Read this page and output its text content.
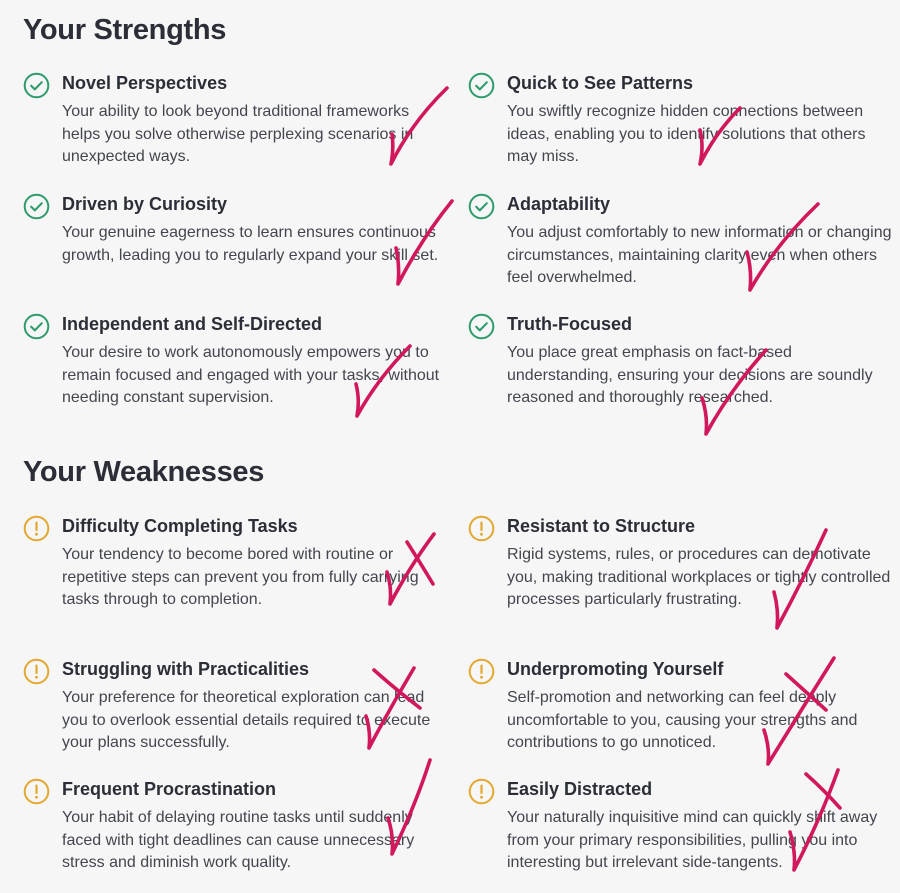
Your Strengths
Novel Perspectives
Your ability to look beyond traditional frameworks helps you solve otherwise perplexing scenarios in unexpected ways.
Quick to See Patterns
You swiftly recognize hidden connections between ideas, enabling you to identify solutions that others may miss.
Driven by Curiosity
Your genuine eagerness to learn ensures continuous growth, leading you to regularly expand your skill set.
Adaptability
You adjust comfortably to new information or changing circumstances, maintaining clarity even when others feel overwhelmed.
Independent and Self-Directed
Your desire to work autonomously empowers you to remain focused and engaged with your tasks, without needing constant supervision.
Truth-Focused
You place great emphasis on fact-based understanding, ensuring your decisions are soundly reasoned and thoroughly researched.
Your Weaknesses
Difficulty Completing Tasks
Your tendency to become bored with routine or repetitive steps can prevent you from fully carrying tasks through to completion.
Resistant to Structure
Rigid systems, rules, or procedures can demotivate you, making traditional workplaces or tightly controlled processes particularly frustrating.
Struggling with Practicalities
Your preference for theoretical exploration can lead you to overlook essential details required to execute your plans successfully.
Underpromoting Yourself
Self-promotion and networking can feel deeply uncomfortable to you, causing your strengths and contributions to go unnoticed.
Frequent Procrastination
Your habit of delaying routine tasks until suddenly faced with tight deadlines can cause unnecessary stress and diminish work quality.
Easily Distracted
Your naturally inquisitive mind can quickly shift away from your primary responsibilities, pulling you into interesting but irrelevant side-tangents.
